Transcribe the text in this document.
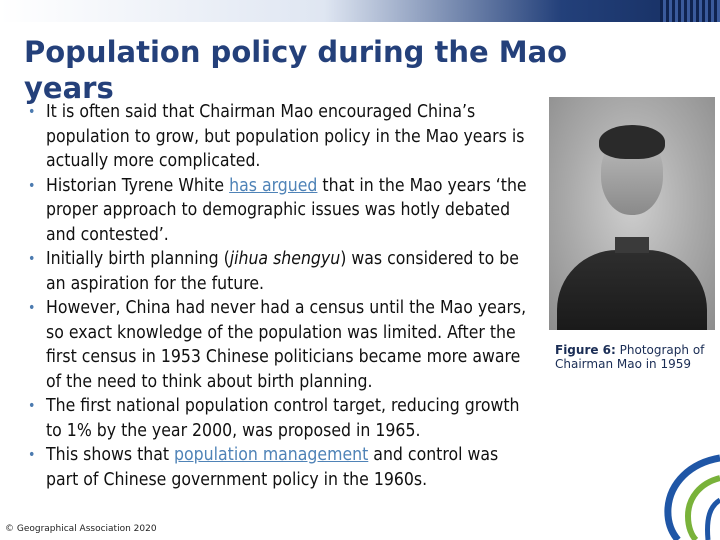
Population policy during the Mao years
• It is often said that Chairman Mao encouraged China’s population to grow, but population policy in the Mao years is actually more complicated.
• Historian Tyrene White has argued that in the Mao years ‘the proper approach to demographic issues was hotly debated and contested’.
• Initially birth planning (jihua shengyu) was considered to be an aspiration for the future.
• However, China had never had a census until the Mao years, so exact knowledge of the population was limited. After the first census in 1953 Chinese politicians became more aware of the need to think about birth planning.
• The first national population control target, reducing growth to 1% by the year 2000, was proposed in 1965.
• This shows that population management and control was part of Chinese government policy in the 1960s.
Figure 6: Photograph of Chairman Mao in 1959
© Geographical Association 2020
